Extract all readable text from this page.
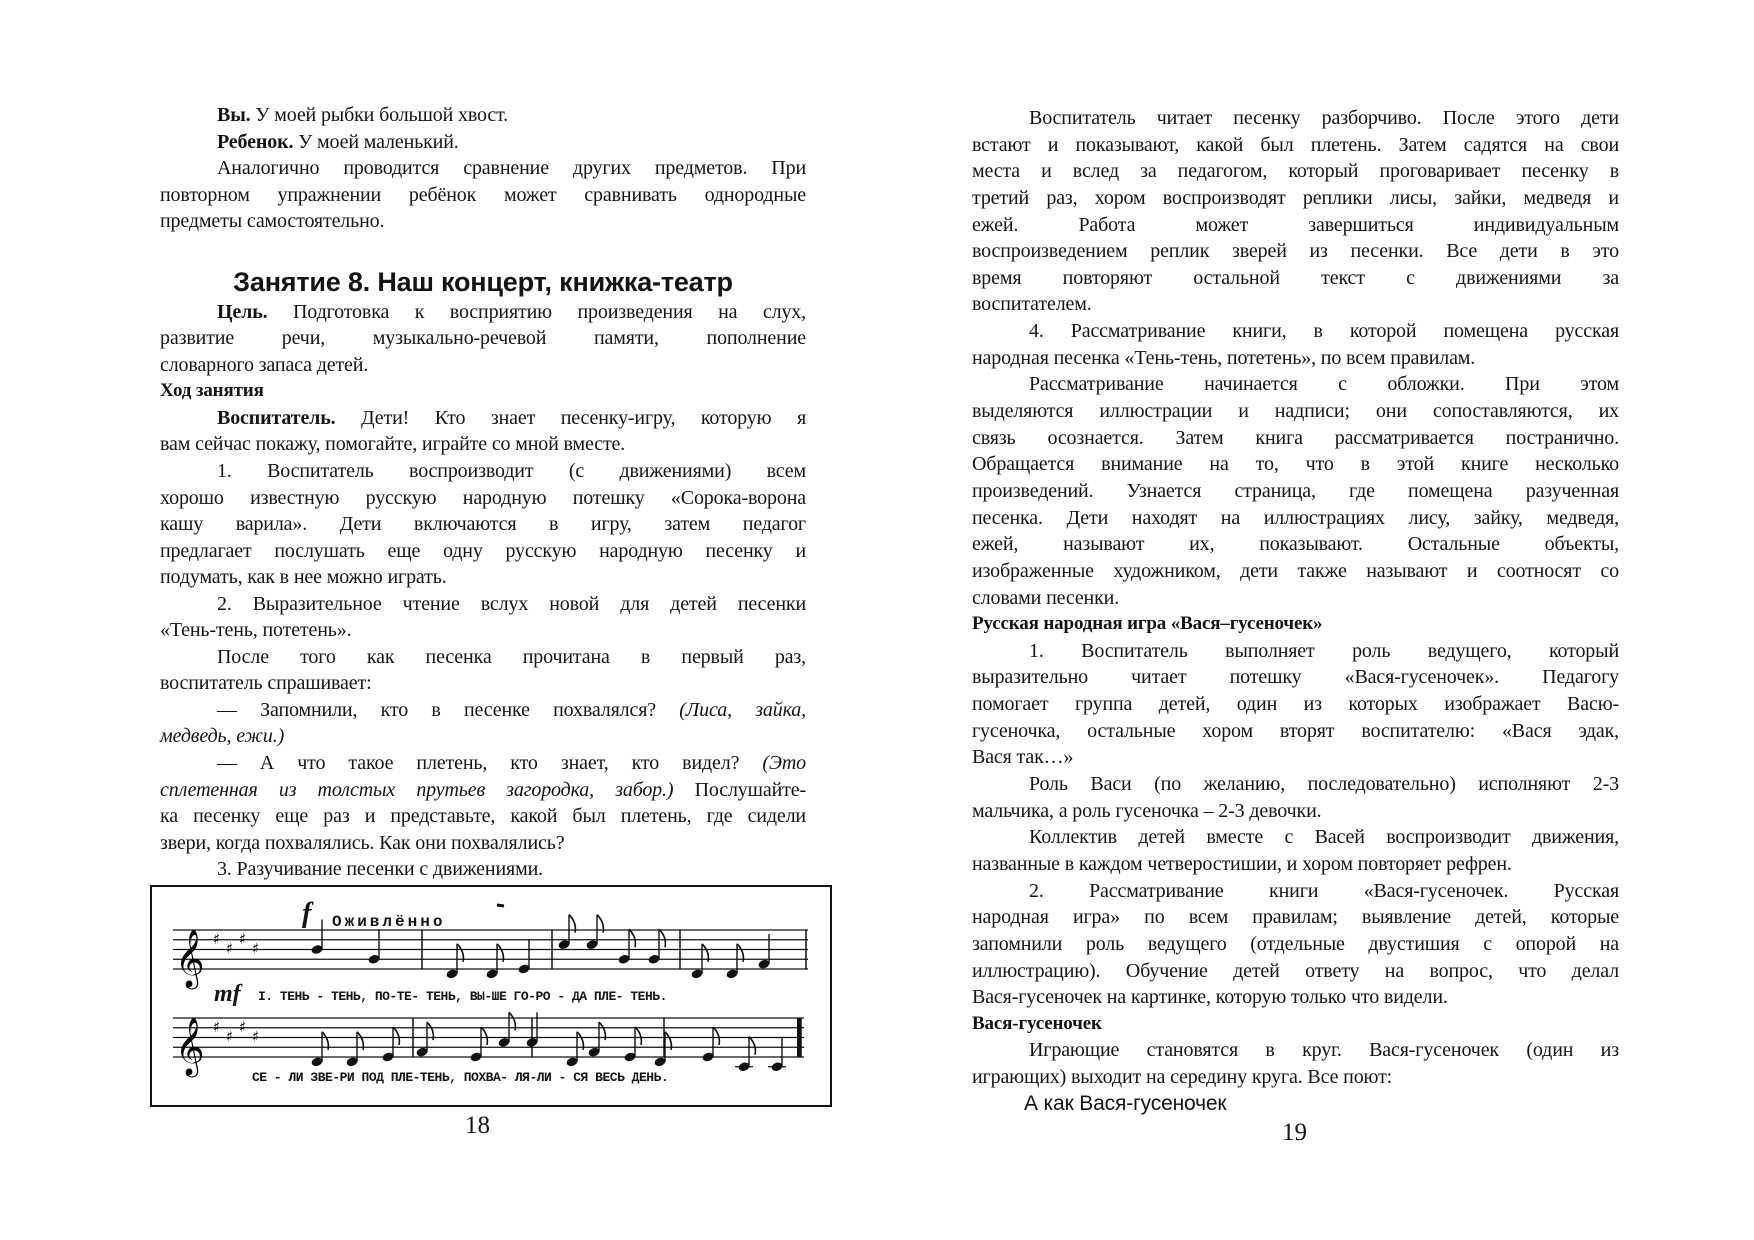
Вы. У моей рыбки большой хвост.
Ребенок. У моей маленький.
Аналогично проводится сравнение других предметов. При
повторном упражнении ребёнок может сравнивать однородные
предметы самостоятельно.
Занятие 8. Наш концерт, книжка-театр
Цель. Подготовка к восприятию произведения на слух,
развитие речи, музыкально-речевой памяти, пополнение
словарного запаса детей.
Ход занятия
Воспитатель. Дети! Кто знает песенку-игру, которую я
вам сейчас покажу, помогайте, играйте со мной вместе.
1. Воспитатель воспроизводит (с движениями) всем
хорошо известную русскую народную потешку «Сорока-ворона
кашу варила». Дети включаются в игру, затем педагог
предлагает послушать еще одну русскую народную песенку и
подумать, как в нее можно играть.
2. Выразительное чтение вслух новой для детей песенки
«Тень-тень, потетень».
После того как песенка прочитана в первый раз,
воспитатель спрашивает:
— Запомнили, кто в песенке похвалялся? (Лиса, зайка,
медведь, ежи.)
— А что такое плетень, кто знает, кто видел? (Это
сплетенная из толстых прутьев загородка, забор.) Послушайте-
ка песенку еще раз и представьте, какой был плетень, где сидели
звери, когда похвалялись. Как они похвалялись?
3. Разучивание песенки с движениями.
𝄞 ♯
♯
♯
♯
𝄞 ♯
♯
♯
♯
Оживлённо
f
mf I. ТЕНЬ - ТЕНЬ, ПО-ТЕ- ТЕНЬ, ВЫ-ШЕ ГО-РО - ДА ПЛЕ- ТЕНЬ.
СЕ - ЛИ ЗВЕ-РИ ПОД ПЛЕ-ТЕНЬ, ПОХВА- ЛЯ-ЛИ - СЯ ВЕСЬ ДЕНЬ.
18
Воспитатель читает песенку разборчиво. После этого дети
встают и показывают, какой был плетень. Затем садятся на свои
места и вслед за педагогом, который проговаривает песенку в
третий раз, хором воспроизводят реплики лисы, зайки, медведя и
ежей. Работа может завершиться индивидуальным
воспроизведением реплик зверей из песенки. Все дети в это
время повторяют остальной текст с движениями за
воспитателем.
4. Рассматривание книги, в которой помещена русская
народная песенка «Тень-тень, потетень», по всем правилам.
Рассматривание начинается с обложки. При этом
выделяются иллюстрации и надписи; они сопоставляются, их
связь осознается. Затем книга рассматривается постранично.
Обращается внимание на то, что в этой книге несколько
произведений. Узнается страница, где помещена разученная
песенка. Дети находят на иллюстрациях лису, зайку, медведя,
ежей, называют их, показывают. Остальные объекты,
изображенные художником, дети также называют и соотносят со
словами песенки.
Русская народная игра «Вася–гусеночек»
1. Воспитатель выполняет роль ведущего, который
выразительно читает потешку «Вася-гусеночек». Педагогу
помогает группа детей, один из которых изображает Васю-
гусеночка, остальные хором вторят воспитателю: «Вася эдак,
Вася так…»
Роль Васи (по желанию, последовательно) исполняют 2-3
мальчика, а роль гусеночка – 2-3 девочки.
Коллектив детей вместе с Васей воспроизводит движения,
названные в каждом четверостишии, и хором повторяет рефрен.
2. Рассматривание книги «Вася-гусеночек. Русская
народная игра» по всем правилам; выявление детей, которые
запомнили роль ведущего (отдельные двустишия с опорой на
иллюстрацию). Обучение детей ответу на вопрос, что делал
Вася-гусеночек на картинке, которую только что видели.
Вася-гусеночек
Играющие становятся в круг. Вася-гусеночек (один из
играющих) выходит на середину круга. Все поют:
А как Вася-гусеночек
19
